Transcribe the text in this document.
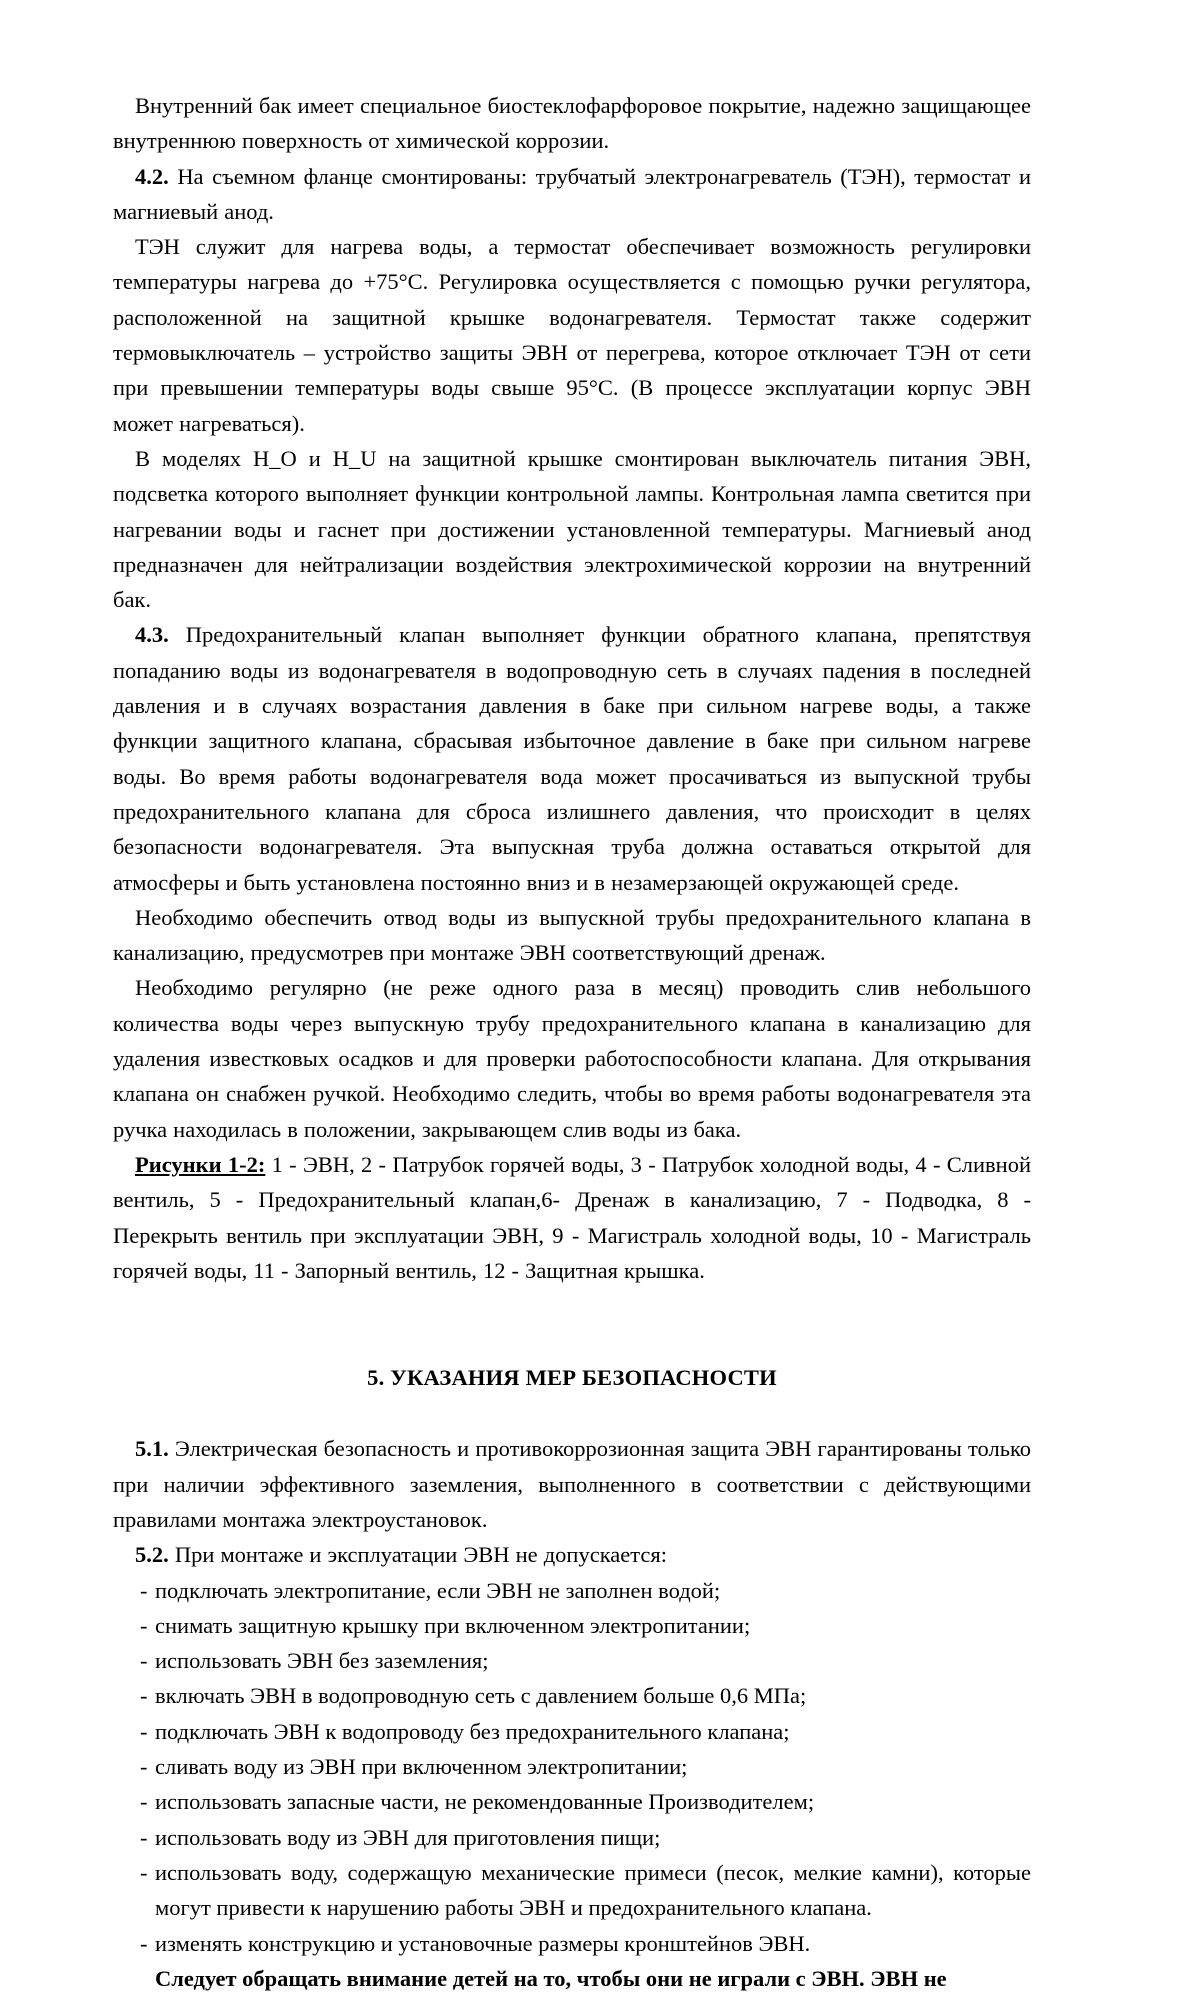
Внутренний бак имеет специальное биостеклофарфоровое покрытие, надежно защищающее внутреннюю поверхность от химической коррозии.

4.2. На съемном фланце смонтированы: трубчатый электронагреватель (ТЭН), термостат и магниевый анод.

ТЭН служит для нагрева воды, а термостат обеспечивает возможность регулировки температуры нагрева до +75°С. Регулировка осуществляется с помощью ручки регулятора, расположенной на защитной крышке водонагревателя. Термостат также содержит термовыключатель – устройство защиты ЭВН от перегрева, которое отключает ТЭН от сети при превышении температуры воды свыше 95°С. (В процессе эксплуатации корпус ЭВН может нагреваться).

В моделях H_O и H_U на защитной крышке смонтирован выключатель питания ЭВН, подсветка которого выполняет функции контрольной лампы. Контрольная лампа светится при нагревании воды и гаснет при достижении установленной температуры. Магниевый анод предназначен для нейтрализации воздействия электрохимической коррозии на внутренний бак.

4.3. Предохранительный клапан выполняет функции обратного клапана, препятствуя попаданию воды из водонагревателя в водопроводную сеть в случаях падения в последней давления и в случаях возрастания давления в баке при сильном нагреве воды, а также функции защитного клапана, сбрасывая избыточное давление в баке при сильном нагреве воды. Во время работы водонагревателя вода может просачиваться из выпускной трубы предохранительного клапана для сброса излишнего давления, что происходит в целях безопасности водонагревателя. Эта выпускная труба должна оставаться открытой для атмосферы и быть установлена постоянно вниз и в незамерзающей окружающей среде.

Необходимо обеспечить отвод воды из выпускной трубы предохранительного клапана в канализацию, предусмотрев при монтаже ЭВН соответствующий дренаж.

Необходимо регулярно (не реже одного раза в месяц) проводить слив небольшого количества воды через выпускную трубу предохранительного клапана в канализацию для удаления известковых осадков и для проверки работоспособности клапана. Для открывания клапана он снабжен ручкой. Необходимо следить, чтобы во время работы водонагревателя эта ручка находилась в положении, закрывающем слив воды из бака.

Рисунки 1-2: 1 - ЭВН, 2 - Патрубок горячей воды, 3 - Патрубок холодной воды, 4 - Сливной вентиль, 5 - Предохранительный клапан,6- Дренаж в канализацию, 7 - Подводка, 8 - Перекрыть вентиль при эксплуатации ЭВН, 9 - Магистраль холодной воды, 10 - Магистраль горячей воды, 11 - Запорный вентиль, 12 - Защитная крышка.

5. УКАЗАНИЯ МЕР БЕЗОПАСНОСТИ

5.1. Электрическая безопасность и противокоррозионная защита ЭВН гарантированы только при наличии эффективного заземления, выполненного в соответствии с действующими правилами монтажа электроустановок.

5.2. При монтаже и эксплуатации ЭВН не допускается:

- подключать электропитание, если ЭВН не заполнен водой;
- снимать защитную крышку при включенном электропитании;
- использовать ЭВН без заземления;
- включать ЭВН в водопроводную сеть с давлением больше 0,6 МПа;
- подключать ЭВН к водопроводу без предохранительного клапана;
- сливать воду из ЭВН при включенном электропитании;
- использовать запасные части, не рекомендованные Производителем;
- использовать воду из ЭВН для приготовления пищи;
- использовать воду, содержащую механические примеси (песок, мелкие камни), которые могут привести к нарушению работы ЭВН и предохранительного клапана.
- изменять конструкцию и установочные размеры кронштейнов ЭВН.

Следует обращать внимание детей на то, чтобы они не играли с ЭВН. ЭВН не
